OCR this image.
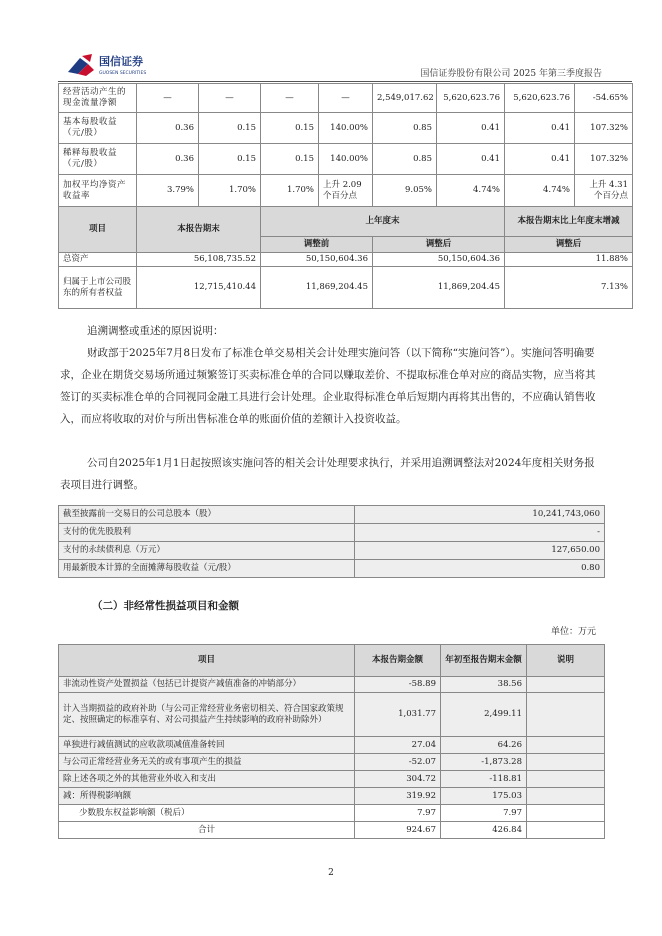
国信证券
GUOSEN SECURITIES	国信证券股份有限公司 2025 年第三季度报告
经营活动产生的现金流量净额	—	—	—	—	2,549,017.62	5,620,623.76	5,620,623.76	-54.65%
基本每股收益（元/股）	0.36	0.15	0.15	140.00%	0.85	0.41	0.41	107.32%
稀释每股收益（元/股）	0.36	0.15	0.15	140.00%	0.85	0.41	0.41	107.32%
加权平均净资产收益率	3.79%	1.70%	1.70%	上升 2.09 个百分点	9.05%	4.74%	4.74%	上升 4.31 个百分点
项目	本报告期末		上年度末				本报告期末比上年度末增减	
			调整前		调整后		调整后	
总资产	56,108,735.52		50,150,604.36		50,150,604.36		11.88%	
归属于上市公司股东的所有者权益	12,715,410.44		11,869,204.45		11,869,204.45		7.13%	
追溯调整或重述的原因说明：
财政部于2025年7月8日发布了标准仓单交易相关会计处理实施问答（以下简称“实施问答”）。实施问答明确要求，企业在期货交易场所通过频繁签订买卖标准仓单的合同以赚取差价、不提取标准仓单对应的商品实物，应当将其签订的买卖标准仓单的合同视同金融工具进行会计处理。企业取得标准仓单后短期内再将其出售的，不应确认销售收入，而应将收取的对价与所出售标准仓单的账面价值的差额计入投资收益。
公司自2025年1月1日起按照该实施问答的相关会计处理要求执行，并采用追溯调整法对2024年度相关财务报表项目进行调整。
截至披露前一交易日的公司总股本（股）	10,241,743,060
支付的优先股股利	-
支付的永续债利息（万元）	127,650.00
用最新股本计算的全面摊薄每股收益（元/股）	0.80
（二）非经常性损益项目和金额
单位：万元
项目	本报告期金额	年初至报告期末金额	说明
非流动性资产处置损益（包括已计提资产减值准备的冲销部分）	-58.89	38.56	
计入当期损益的政府补助（与公司正常经营业务密切相关、符合国家政策规定、按照确定的标准享有、对公司损益产生持续影响的政府补助除外）	1,031.77	2,499.11	
单独进行减值测试的应收款项减值准备转回	27.04	64.26	
与公司正常经营业务无关的或有事项产生的损益	-52.07	-1,873.28	
除上述各项之外的其他营业外收入和支出	304.72	-118.81	
减：所得税影响额	319.92	175.03	
少数股东权益影响额（税后）	7.97	7.97	
合计	924.67	426.84	
2
